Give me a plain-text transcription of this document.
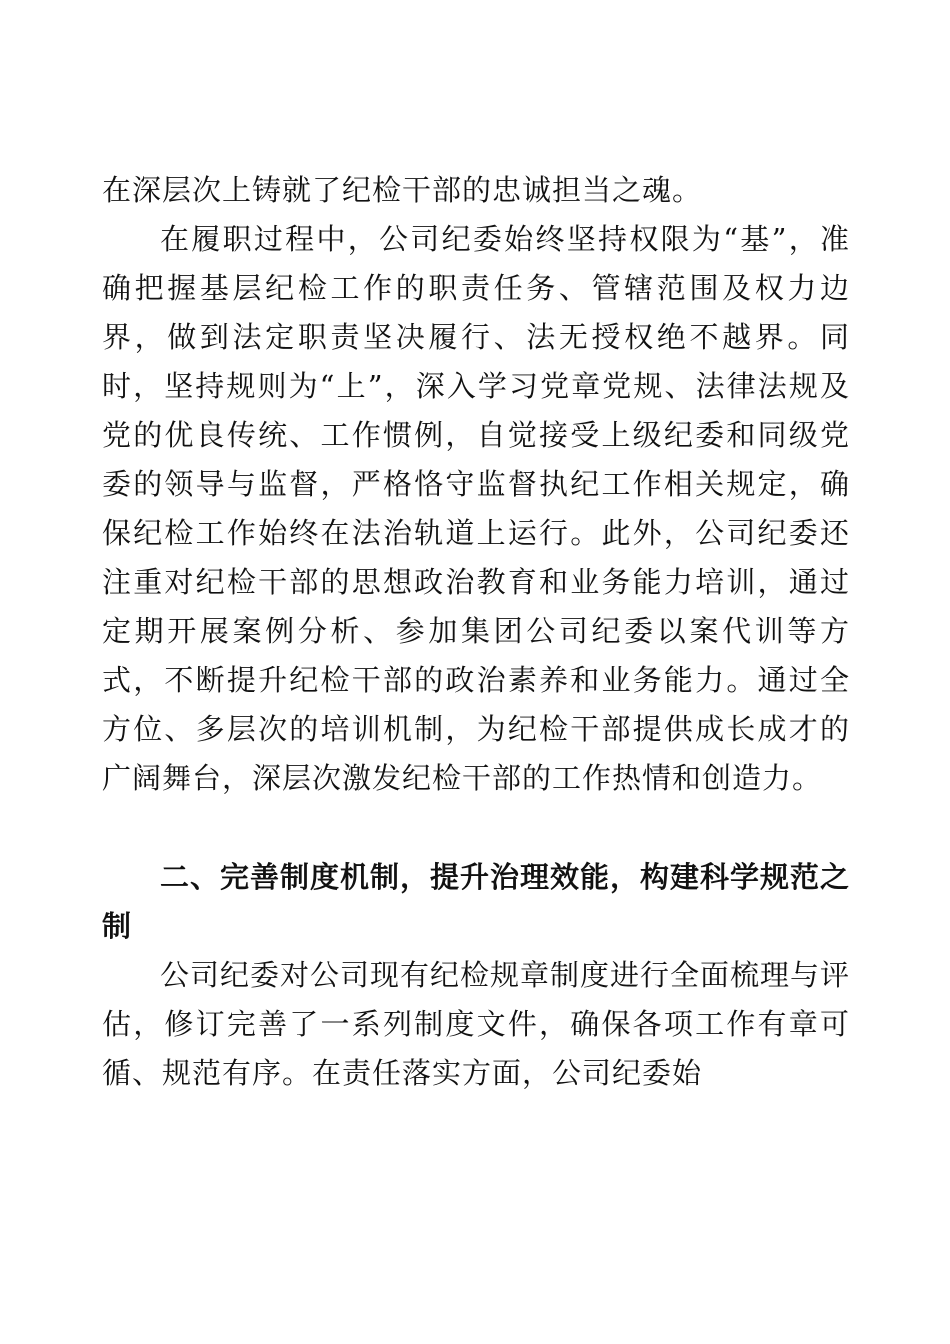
在深层次上铸就了纪检干部的忠诚担当之魂。

在履职过程中，公司纪委始终坚持权限为“基”，准确把握基层纪检工作的职责任务、管辖范围及权力边界，做到法定职责坚决履行、法无授权绝不越界。同时，坚持规则为“上”，深入学习党章党规、法律法规及党的优良传统、工作惯例，自觉接受上级纪委和同级党委的领导与监督，严格恪守监督执纪工作相关规定，确保纪检工作始终在法治轨道上运行。此外，公司纪委还注重对纪检干部的思想政治教育和业务能力培训，通过定期开展案例分析、参加集团公司纪委以案代训等方式，不断提升纪检干部的政治素养和业务能力。通过全方位、多层次的培训机制，为纪检干部提供成长成才的广阔舞台，深层次激发纪检干部的工作热情和创造力。

二、完善制度机制，提升治理效能，构建科学规范之制

公司纪委对公司现有纪检规章制度进行全面梳理与评估，修订完善了一系列制度文件，确保各项工作有章可循、规范有序。在责任落实方面，公司纪委始
